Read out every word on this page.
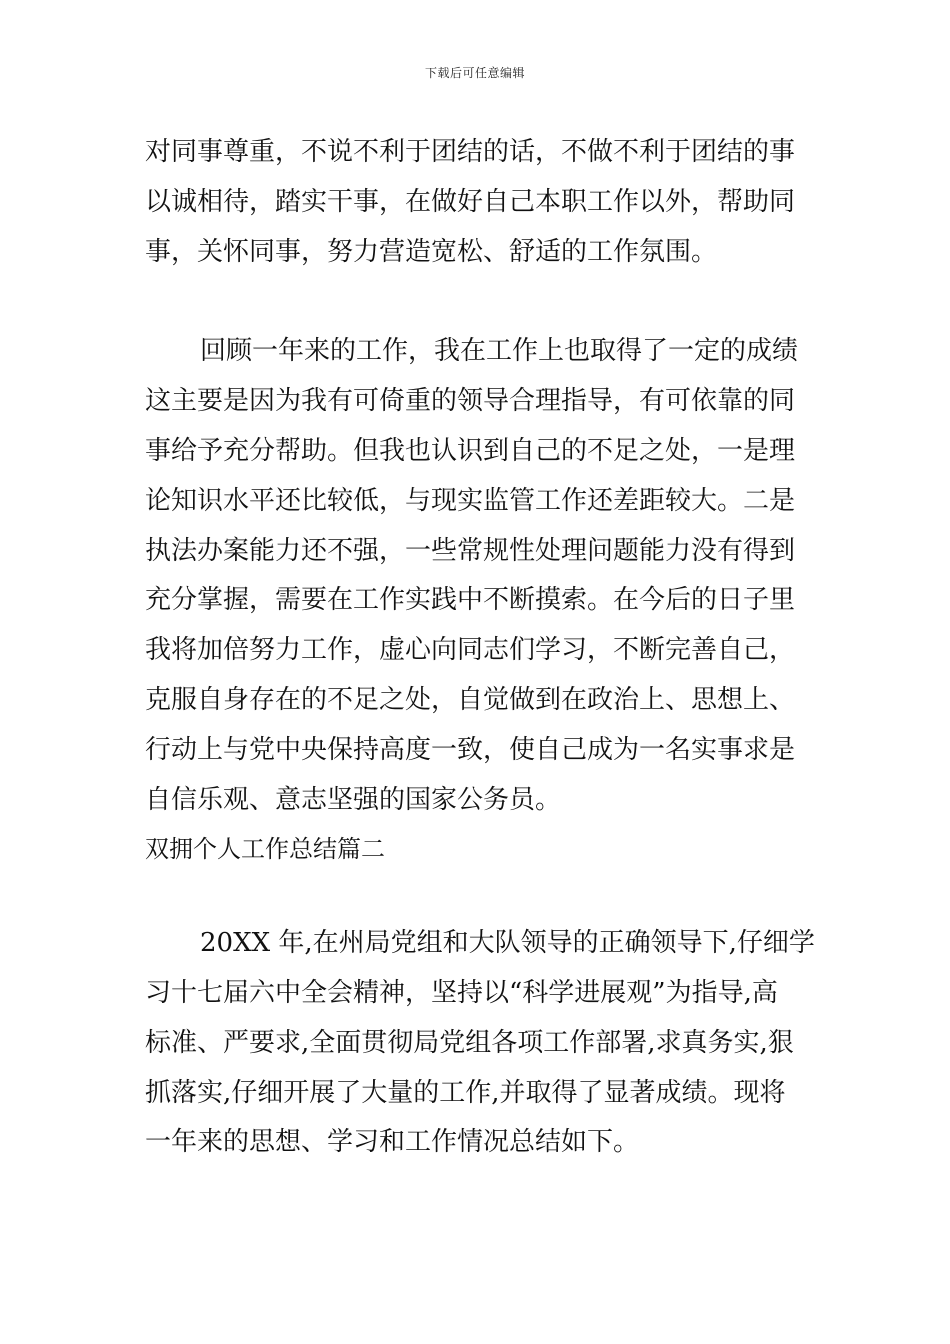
下载后可任意编辑
对同事尊重，不说不利于团结的话，不做不利于团结的事
以诚相待，踏实干事，在做好自己本职工作以外，帮助同
事，关怀同事，努力营造宽松、舒适的工作氛围。
回顾一年来的工作，我在工作上也取得了一定的成绩
这主要是因为我有可倚重的领导合理指导，有可依靠的同
事给予充分帮助。但我也认识到自己的不足之处，一是理
论知识水平还比较低，与现实监管工作还差距较大。二是
执法办案能力还不强，一些常规性处理问题能力没有得到
充分掌握，需要在工作实践中不断摸索。在今后的日子里
我将加倍努力工作，虚心向同志们学习，不断完善自己，
克服自身存在的不足之处，自觉做到在政治上、思想上、
行动上与党中央保持高度一致，使自己成为一名实事求是
自信乐观、意志坚强的国家公务员。
双拥个人工作总结篇二
20XX 年,在州局党组和大队领导的正确领导下,仔细学
习十七届六中全会精神，坚持以“科学进展观”为指导,高
标准、严要求,全面贯彻局党组各项工作部署,求真务实,狠
抓落实,仔细开展了大量的工作,并取得了显著成绩。现将
一年来的思想、学习和工作情况总结如下。
